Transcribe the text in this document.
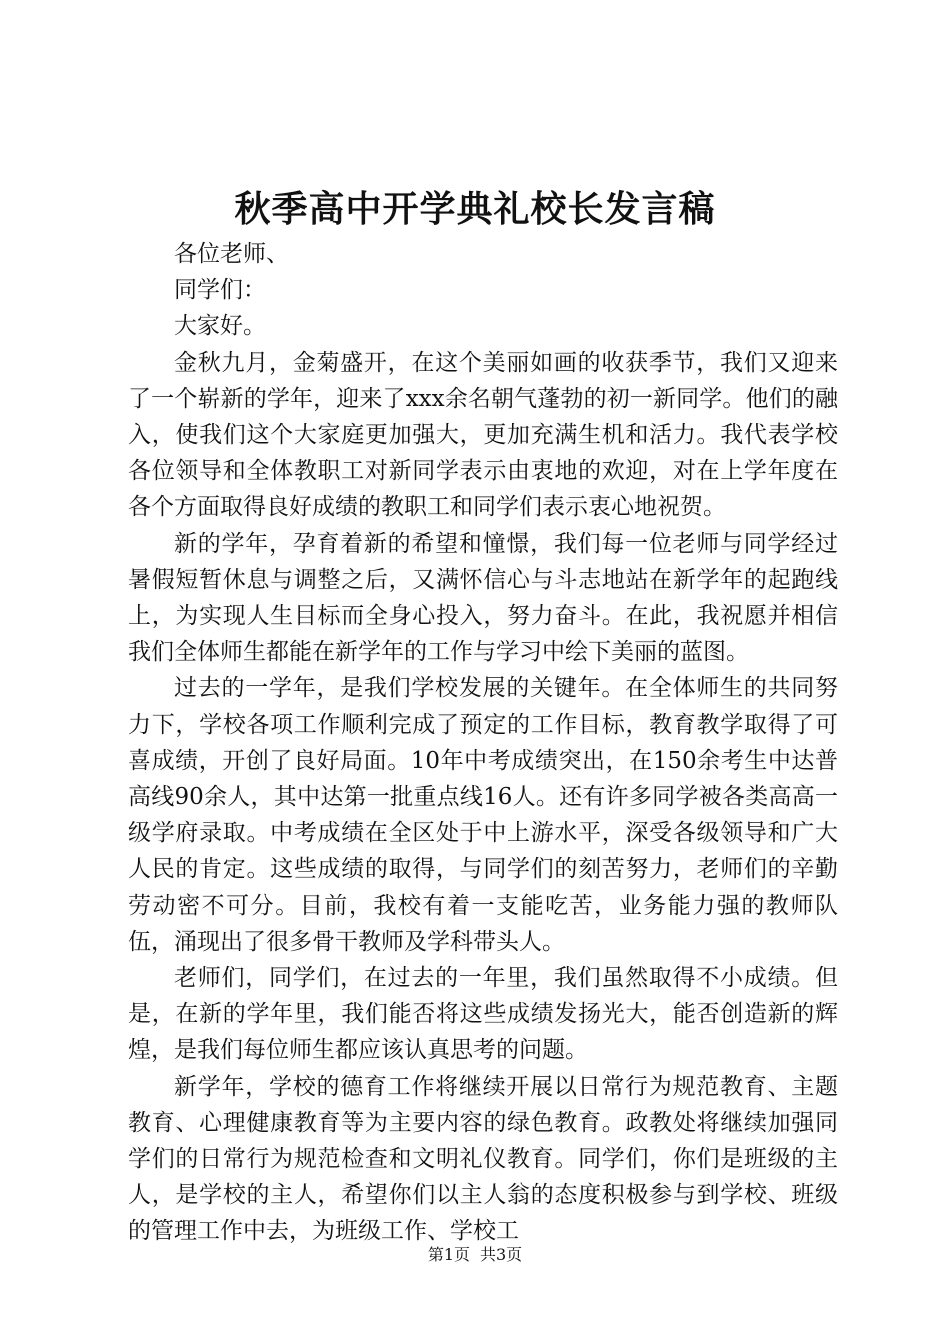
秋季高中开学典礼校长发言稿

各位老师、

同学们：

大家好。

金秋九月，金菊盛开，在这个美丽如画的收获季节，我们又迎来了一个崭新的学年，迎来了xxx余名朝气蓬勃的初一新同学。他们的融入，使我们这个大家庭更加强大，更加充满生机和活力。我代表学校各位领导和全体教职工对新同学表示由衷地的欢迎，对在上学年度在各个方面取得良好成绩的教职工和同学们表示衷心地祝贺。

新的学年，孕育着新的希望和憧憬，我们每一位老师与同学经过暑假短暂休息与调整之后，又满怀信心与斗志地站在新学年的起跑线上，为实现人生目标而全身心投入，努力奋斗。在此，我祝愿并相信我们全体师生都能在新学年的工作与学习中绘下美丽的蓝图。

过去的一学年，是我们学校发展的关键年。在全体师生的共同努力下，学校各项工作顺利完成了预定的工作目标，教育教学取得了可喜成绩，开创了良好局面。10年中考成绩突出，在150余考生中达普高线90余人，其中达第一批重点线16人。还有许多同学被各类高高一级学府录取。中考成绩在全区处于中上游水平，深受各级领导和广大人民的肯定。这些成绩的取得，与同学们的刻苦努力，老师们的辛勤劳动密不可分。目前，我校有着一支能吃苦，业务能力强的教师队伍，涌现出了很多骨干教师及学科带头人。

老师们，同学们，在过去的一年里，我们虽然取得不小成绩。但是，在新的学年里，我们能否将这些成绩发扬光大，能否创造新的辉煌，是我们每位师生都应该认真思考的问题。

新学年，学校的德育工作将继续开展以日常行为规范教育、主题教育、心理健康教育等为主要内容的绿色教育。政教处将继续加强同学们的日常行为规范检查和文明礼仪教育。同学们，你们是班级的主人，是学校的主人，希望你们以主人翁的态度积极参与到学校、班级的管理工作中去，为班级工作、学校工

第1页 共3页
